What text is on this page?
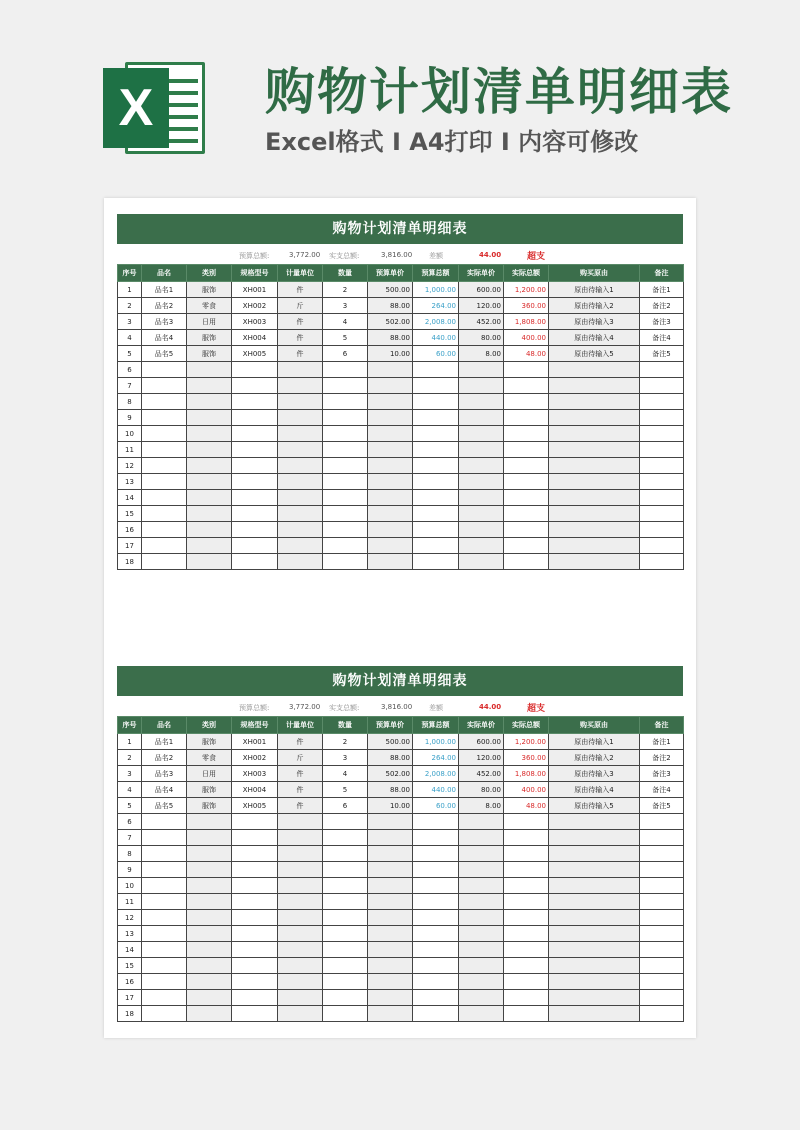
X	购物计划清单明细表
Excel格式 I A4打印 I 内容可修改
购物计划清单明细表
预算总额:	3,772.00 实支总额:	3,816.00 差额	44.00	超支
序号	品名	类别	规格型号	计量单位	数量	预算单价	预算总额	实际单价	实际总额	购买原由	备注
1	品名1	服饰	XH001	件	2	500.00	1,000.00	600.00	1,200.00	原由待输入1	备注1
2	品名2	零食	XH002	斤	3	88.00	264.00	120.00	360.00	原由待输入2	备注2
3	品名3	日用	XH003	件	4	502.00	2,008.00	452.00	1,808.00	原由待输入3	备注3
4	品名4	服饰	XH004	件	5	88.00	440.00	80.00	400.00	原由待输入4	备注4
5	品名5	服饰	XH005	件	6	10.00	60.00	8.00	48.00	原由待输入5	备注5
6											
7											
8											
9											
10											
11											
12											
13											
14											
15											
16											
17											
18											
购物计划清单明细表
预算总额:	3,772.00 实支总额:	3,816.00 差额	44.00	超支
序号	品名	类别	规格型号	计量单位	数量	预算单价	预算总额	实际单价	实际总额	购买原由	备注
1	品名1	服饰	XH001	件	2	500.00	1,000.00	600.00	1,200.00	原由待输入1	备注1
2	品名2	零食	XH002	斤	3	88.00	264.00	120.00	360.00	原由待输入2	备注2
3	品名3	日用	XH003	件	4	502.00	2,008.00	452.00	1,808.00	原由待输入3	备注3
4	品名4	服饰	XH004	件	5	88.00	440.00	80.00	400.00	原由待输入4	备注4
5	品名5	服饰	XH005	件	6	10.00	60.00	8.00	48.00	原由待输入5	备注5
6											
7											
8											
9											
10											
11											
12											
13											
14											
15											
16											
17											
18											
